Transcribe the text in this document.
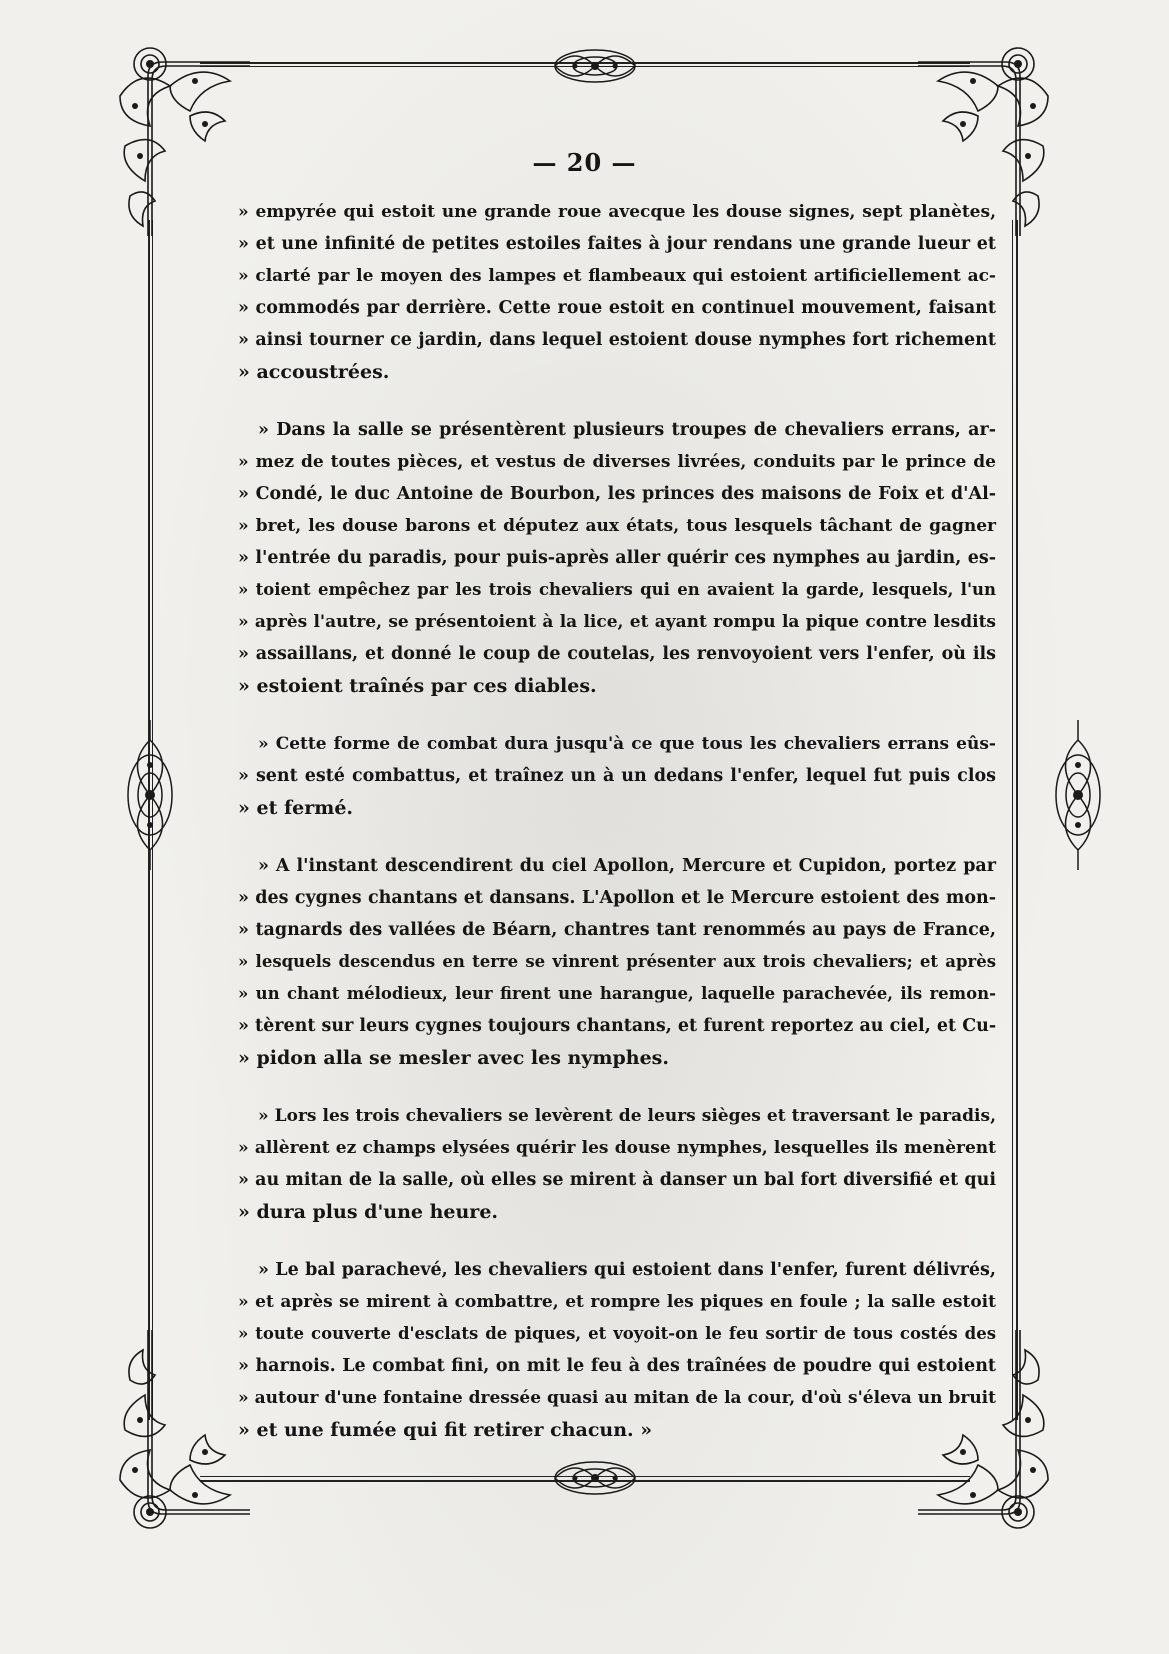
— 20 —
» empyrée qui estoit une grande roue avecque les douse signes, sept planètes,
» et une infinité de petites estoiles faites à jour rendans une grande lueur et
» clarté par le moyen des lampes et flambeaux qui estoient artificiellement ac-
» commodés par derrière. Cette roue estoit en continuel mouvement, faisant
» ainsi tourner ce jardin, dans lequel estoient douse nymphes fort richement
» accoustrées.
» Dans la salle se présentèrent plusieurs troupes de chevaliers errans, ar-
» mez de toutes pièces, et vestus de diverses livrées, conduits par le prince de
» Condé, le duc Antoine de Bourbon, les princes des maisons de Foix et d'Al-
» bret, les douse barons et députez aux états, tous lesquels tâchant de gagner
» l'entrée du paradis, pour puis-après aller quérir ces nymphes au jardin, es-
» toient empêchez par les trois chevaliers qui en avaient la garde, lesquels, l'un
» après l'autre, se présentoient à la lice, et ayant rompu la pique contre lesdits
» assaillans, et donné le coup de coutelas, les renvoyoient vers l'enfer, où ils
» estoient traînés par ces diables.
» Cette forme de combat dura jusqu'à ce que tous les chevaliers errans eûs-
» sent esté combattus, et traînez un à un dedans l'enfer, lequel fut puis clos
» et fermé.
» A l'instant descendirent du ciel Apollon, Mercure et Cupidon, portez par
» des cygnes chantans et dansans. L'Apollon et le Mercure estoient des mon-
» tagnards des vallées de Béarn, chantres tant renommés au pays de France,
» lesquels descendus en terre se vinrent présenter aux trois chevaliers; et après
» un chant mélodieux, leur firent une harangue, laquelle parachevée, ils remon-
» tèrent sur leurs cygnes toujours chantans, et furent reportez au ciel, et Cu-
» pidon alla se mesler avec les nymphes.
» Lors les trois chevaliers se levèrent de leurs sièges et traversant le paradis,
» allèrent ez champs elysées quérir les douse nymphes, lesquelles ils menèrent
» au mitan de la salle, où elles se mirent à danser un bal fort diversifié et qui
» dura plus d'une heure.
» Le bal parachevé, les chevaliers qui estoient dans l'enfer, furent délivrés,
» et après se mirent à combattre, et rompre les piques en foule ; la salle estoit
» toute couverte d'esclats de piques, et voyoit-on le feu sortir de tous costés des
» harnois. Le combat fini, on mit le feu à des traînées de poudre qui estoient
» autour d'une fontaine dressée quasi au mitan de la cour, d'où s'éleva un bruit
» et une fumée qui fit retirer chacun. »
